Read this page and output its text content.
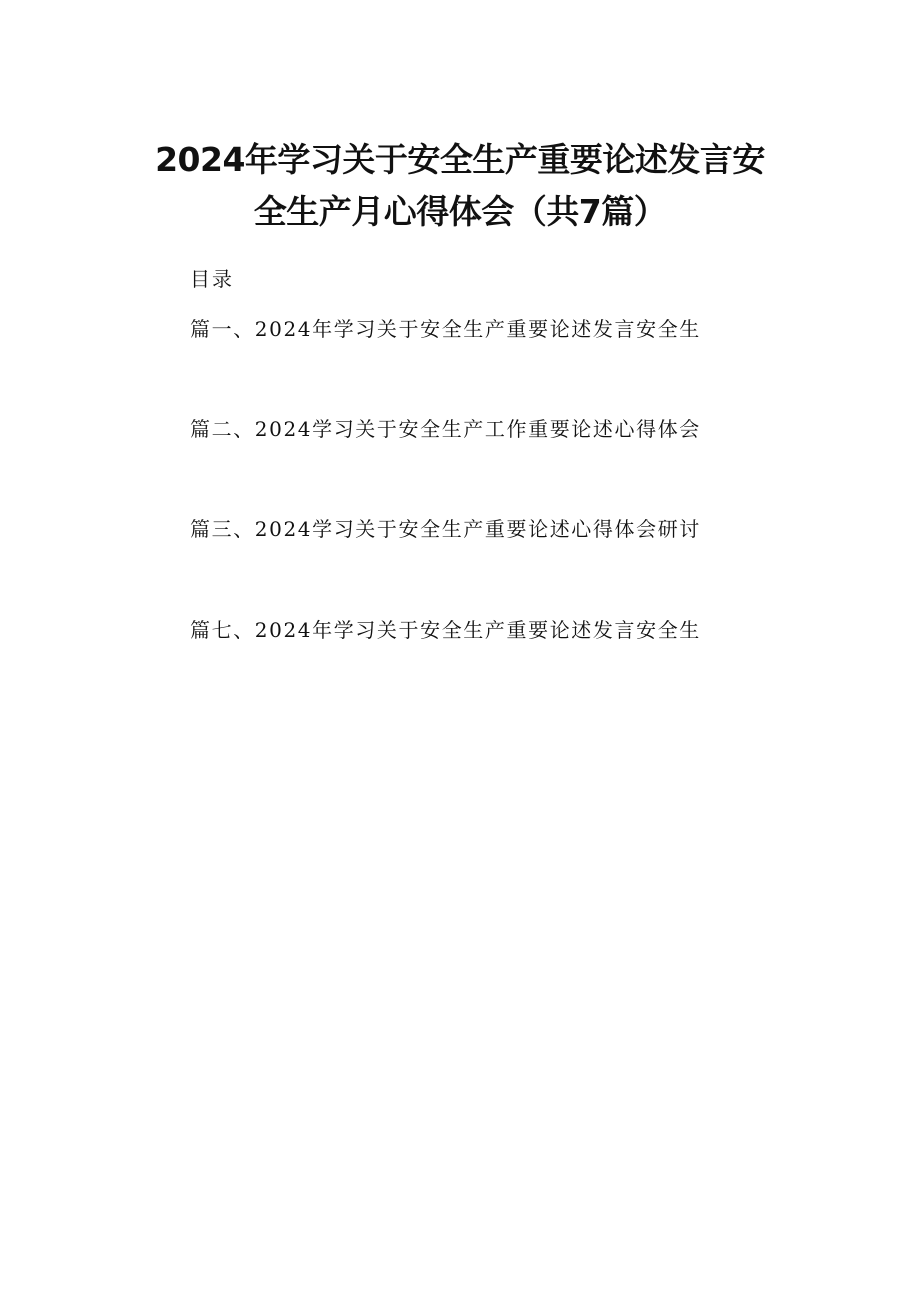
2024年学习关于安全生产重要论述发言安
全生产月心得体会（共7篇）
目录
篇一、2024年学习关于安全生产重要论述发言安全生
篇二、2024学习关于安全生产工作重要论述心得体会
篇三、2024学习关于安全生产重要论述心得体会研讨
篇七、2024年学习关于安全生产重要论述发言安全生
